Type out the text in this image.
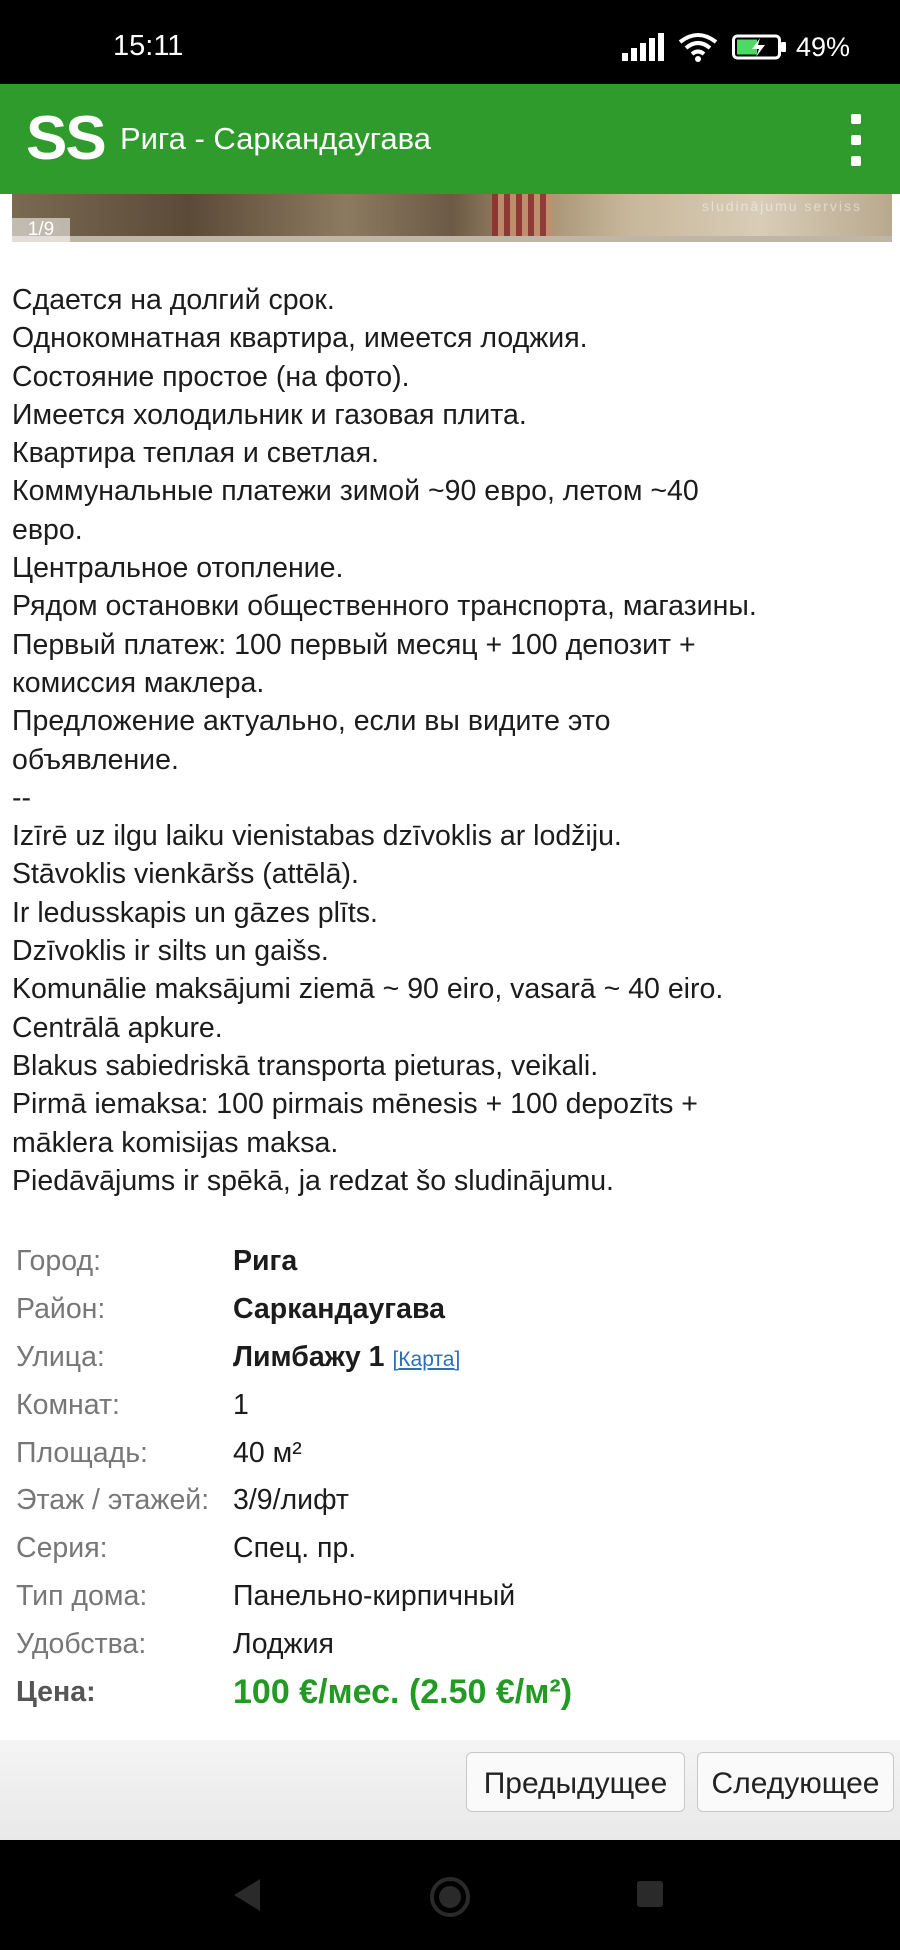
15:11	49%
SS Рига - Саркандаугава
1/9
sludinājumu serviss
Сдается на долгий срок.
Однокомнатная квартира, имеется лоджия.
Состояние простое (на фото).
Имеется холодильник и газовая плита.
Квартира теплая и светлая.
Коммунальные платежи зимой ~90 евро, летом ~40
евро.
Центральное отопление.
Рядом остановки общественного транспорта, магазины.
Первый платеж: 100 первый месяц + 100 депозит +
комиссия маклера.
Предложение актуально, если вы видите это
объявление.
--
Izīrē uz ilgu laiku vienistabas dzīvoklis ar lodžiju.
Stāvoklis vienkāršs (attēlā).
Ir ledusskapis un gāzes plīts.
Dzīvoklis ir silts un gaišs.
Komunālie maksājumi ziemā ~ 90 eiro, vasarā ~ 40 eiro.
Centrālā apkure.
Blakus sabiedriskā transporta pieturas, veikali.
Pirmā iemaksa: 100 pirmais mēnesis + 100 depozīts +
māklera komisijas maksa.
Piedāvājums ir spēkā, ja redzat šo sludinājumu.
Город:	Рига
Район:	Саркандаугава
Улица:	Лимбажу 1 [Карта]
Комнат:	1
Площадь:	40 м²
Этаж / этажей:	3/9/лифт
Серия:	Спец. пр.
Тип дома:	Панельно-кирпичный
Удобства:	Лоджия
Цена:	100 €/мес. (2.50 €/м²)
Предыдущее	Следующее
